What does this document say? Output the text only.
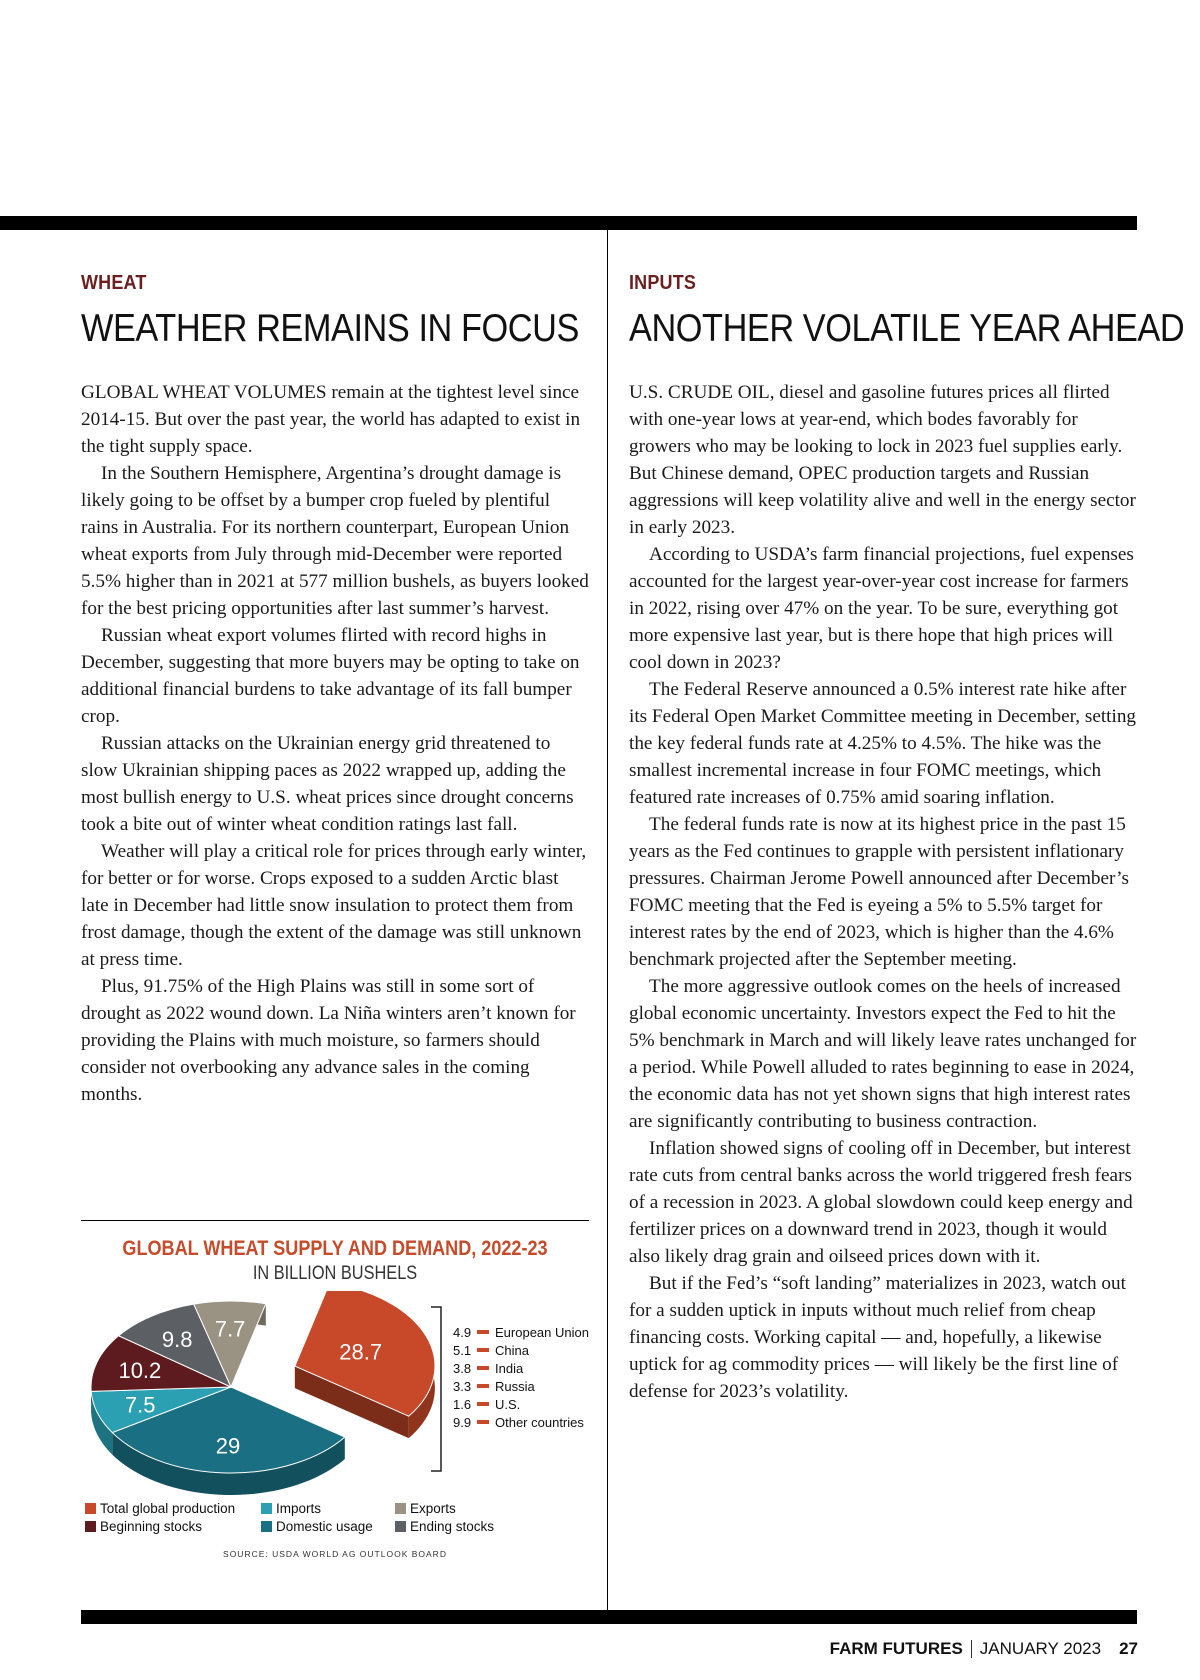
WHEAT
WEATHER REMAINS IN FOCUS

GLOBAL WHEAT VOLUMES remain at the tightest level since 2014-15. But over the past year, the world has adapted to exist in the tight supply space.

In the Southern Hemisphere, Argentina’s drought damage is likely going to be offset by a bumper crop fueled by plentiful rains in Australia. For its northern counterpart, European Union wheat exports from July through mid-December were reported 5.5% higher than in 2021 at 577 million bushels, as buyers looked for the best pricing opportunities after last summer’s harvest.

Russian wheat export volumes flirted with record highs in December, suggesting that more buyers may be opting to take on additional financial burdens to take advantage of its fall bumper crop.

Russian attacks on the Ukrainian energy grid threatened to slow Ukrainian shipping paces as 2022 wrapped up, adding the most bullish energy to U.S. wheat prices since drought concerns took a bite out of winter wheat condition ratings last fall.

Weather will play a critical role for prices through early winter, for better or for worse. Crops exposed to a sudden Arctic blast late in December had little snow insulation to protect them from frost damage, though the extent of the damage was still unknown at press time.

Plus, 91.75% of the High Plains was still in some sort of drought as 2022 wound down. La Niña winters aren’t known for providing the Plains with much moisture, so farmers should consider not overbooking any advance sales in the coming months.

GLOBAL WHEAT SUPPLY AND DEMAND, 2022-23
IN BILLION BUSHELS
28.7
29
7.5
10.2
9.8 7.7	4.9 European Union
5.1 China
3.8 India
3.3 Russia
1.6 U.S.
9.9 Other countries
Total global production	Imports	Exports
Beginning stocks	Domestic usage	Ending stocks
SOURCE: USDA WORLD AG OUTLOOK BOARD
INPUTS
ANOTHER VOLATILE YEAR AHEAD

U.S. CRUDE OIL, diesel and gasoline futures prices all flirted with one-year lows at year-end, which bodes favorably for growers who may be looking to lock in 2023 fuel supplies early. But Chinese demand, OPEC production targets and Russian aggressions will keep volatility alive and well in the energy sector in early 2023.

According to USDA’s farm financial projections, fuel expenses accounted for the largest year-over-year cost increase for farmers in 2022, rising over 47% on the year. To be sure, everything got more expensive last year, but is there hope that high prices will cool down in 2023?

The Federal Reserve announced a 0.5% interest rate hike after its Federal Open Market Committee meeting in December, setting the key federal funds rate at 4.25% to 4.5%. The hike was the smallest incremental increase in four FOMC meetings, which featured rate increases of 0.75% amid soaring inflation.

The federal funds rate is now at its highest price in the past 15 years as the Fed continues to grapple with persistent inflationary pressures. Chairman Jerome Powell announced after December’s FOMC meeting that the Fed is eyeing a 5% to 5.5% target for interest rates by the end of 2023, which is higher than the 4.6% benchmark projected after the September meeting.

The more aggressive outlook comes on the heels of increased global economic uncertainty. Investors expect the Fed to hit the 5% benchmark in March and will likely leave rates unchanged for a period. While Powell alluded to rates beginning to ease in 2024, the economic data has not yet shown signs that high interest rates are significantly contributing to business contraction.

Inflation showed signs of cooling off in December, but interest rate cuts from central banks across the world triggered fresh fears of a recession in 2023. A global slowdown could keep energy and fertilizer prices on a downward trend in 2023, though it would also likely drag grain and oilseed prices down with it.

But if the Fed’s “soft landing” materializes in 2023, watch out for a sudden uptick in inputs without much relief from cheap financing costs. Working capital — and, hopefully, a likewise uptick for ag commodity prices — will likely be the first line of defense for 2023’s volatility.

FARM FUTURES JANUARY 2023 27
